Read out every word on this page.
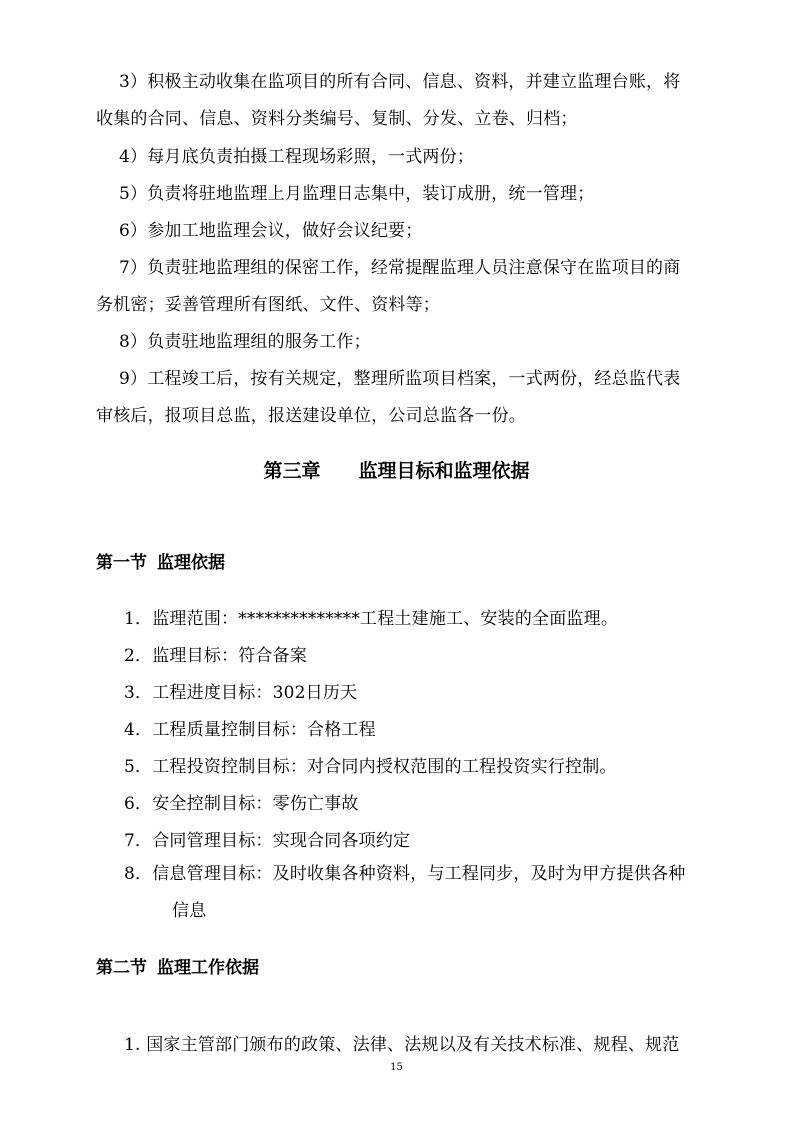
3）积极主动收集在监项目的所有合同、信息、资料，并建立监理台账，将
收集的合同、信息、资料分类编号、复制、分发、立卷、归档；
4）每月底负责拍摄工程现场彩照，一式两份；
5）负责将驻地监理上月监理日志集中，装订成册，统一管理；
6）参加工地监理会议，做好会议纪要；
7）负责驻地监理组的保密工作，经常提醒监理人员注意保守在监项目的商
务机密；妥善管理所有图纸、文件、资料等；
8）负责驻地监理组的服务工作；
9）工程竣工后，按有关规定，整理所监项目档案，一式两份，经总监代表
审核后，报项目总监，报送建设单位，公司总监各一份。
第三章 监理目标和监理依据
第一节 监理依据
1．监理范围：**************工程土建施工、安装的全面监理。
2．监理目标：符合备案
3．工程进度目标：302日历天
4．工程质量控制目标：合格工程
5．工程投资控制目标：对合同内授权范围的工程投资实行控制。
6．安全控制目标：零伤亡事故
7．合同管理目标：实现合同各项约定
8．信息管理目标：及时收集各种资料，与工程同步，及时为甲方提供各种
信息
第二节 监理工作依据
1. 国家主管部门颁布的政策、法律、法规以及有关技术标准、规程、规范
15
